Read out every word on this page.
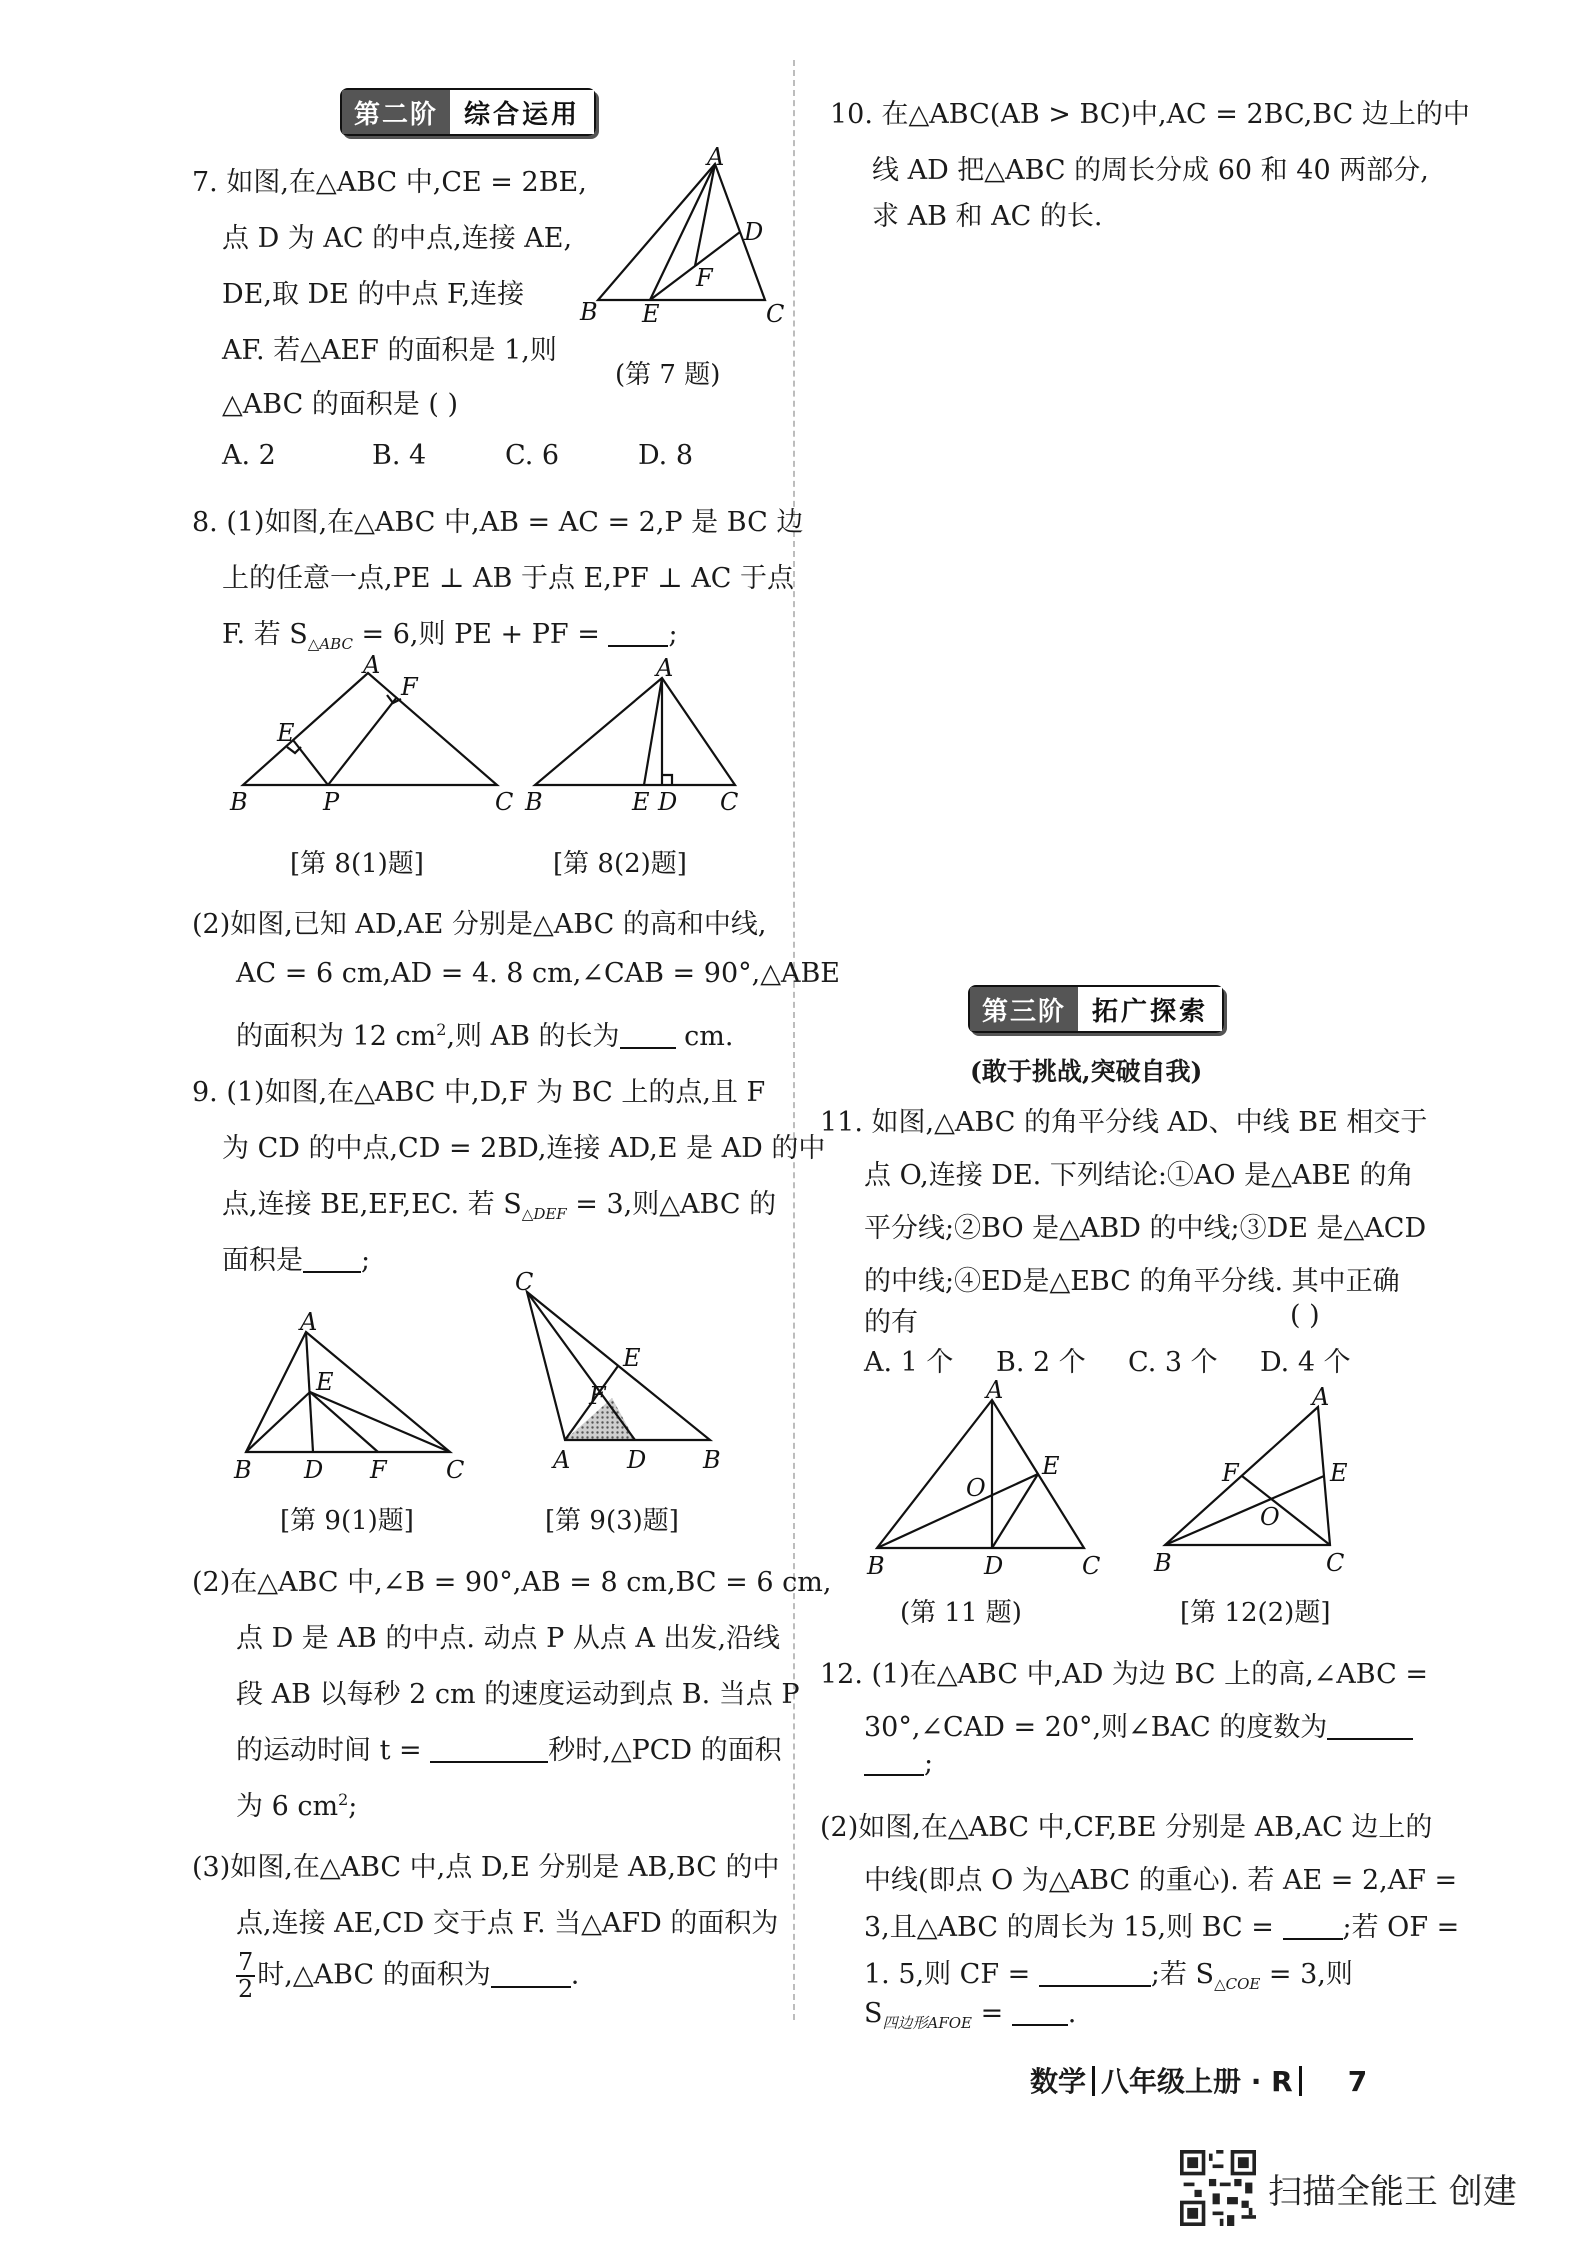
第二阶	综合运用
7. 如图,在△ABC 中,CE = 2BE,
点 D 为 AC 的中点,连接 AE,
DE,取 DE 的中点 F,连接
AF. 若△AEF 的面积是 1,则
△ABC 的面积是 ( )
A
B	C
D
E
F
(第 7 题)
A. 2	B. 4	C. 6	D. 8
8. (1)如图,在△ABC 中,AB = AC = 2,P 是 BC 边
上的任意一点,PE ⊥ AB 于点 E,PF ⊥ AC 于点
F. 若 $S_{\triangle ABC} = 6$,则 PE + PF = ;
A
B	C
E
F
P
[第 8(1)题]
A
B	E D C
[第 8(2)题]
(2)如图,已知 AD,AE 分别是△ABC 的高和中线,
AC = 6 cm,AD = 4. 8 cm,∠CAB = 90°,△ABE
的面积为 12 $cm^2$,则 AB 的长为 cm.
9. (1)如图,在△ABC 中,D,F 为 BC 上的点,且 F
为 CD 的中点,CD = 2BD,连接 AD,E 是 AD 的中
点,连接 BE,EF,EC. 若 $S_{\triangle DEF} = 3$,则△ABC 的
面积是 ;
A
E
B D F C
[第 9(1)题]
C
E
F
A D B
[第 9(3)题]
(2)在△ABC 中,∠B = 90°,AB = 8 cm,BC = 6 cm,
点 D 是 AB 的中点. 动点 P 从点 A 出发,沿线
段 AB 以每秒 2 cm 的速度运动到点 B. 当点 P
的运动时间 t =	秒时,△PCD 的面积
为 6 $cm^2$;
(3)如图,在△ABC 中,点 D,E 分别是 AB,BC 的中
点,连接 AE,CD 交于点 F. 当△AFD 的面积为
$\frac{7}{2}$ 时,△ABC 的面积为	.
10. 在△ABC(AB > BC)中,AC = 2BC,BC 边上的中
线 AD 把△ABC 的周长分成 60 和 40 两部分,
求 AB 和 AC 的长.
第三阶	拓广探索
(敢于挑战,突破自我)
11. 如图,△ABC 的角平分线 AD、中线 BE 相交于
点 O,连接 DE. 下列结论:①AO 是△ABE 的角
平分线;②BO 是△ABD 的中线;③DE 是△ACD
的中线;④ED是△EBC 的角平分线. 其中正确
的有	( )
A. 1 个 B. 2 个 C. 3 个 D. 4 个
A
O
E
B	D	C
(第 11 题)
A
F	E
O
B	C
[第 12(2)题]
12. (1)在△ABC 中,AD 为边 BC 上的高,∠ABC =
30°,∠CAD = 20°,则∠BAC 的度数为
;
(2)如图,在△ABC 中,CF,BE 分别是 AB,AC 边上的
中线(即点 O 为△ABC 的重心). 若 AE = 2,AF =
3,且△ABC 的周长为 15,则 BC = ;若 OF =
1. 5,则 CF =	;若 $S_{\triangle COE} = 3$,则
$S_{四边形AFOE}$ = .
数学 八年级上册 · R 7
扫描全能王 创建
